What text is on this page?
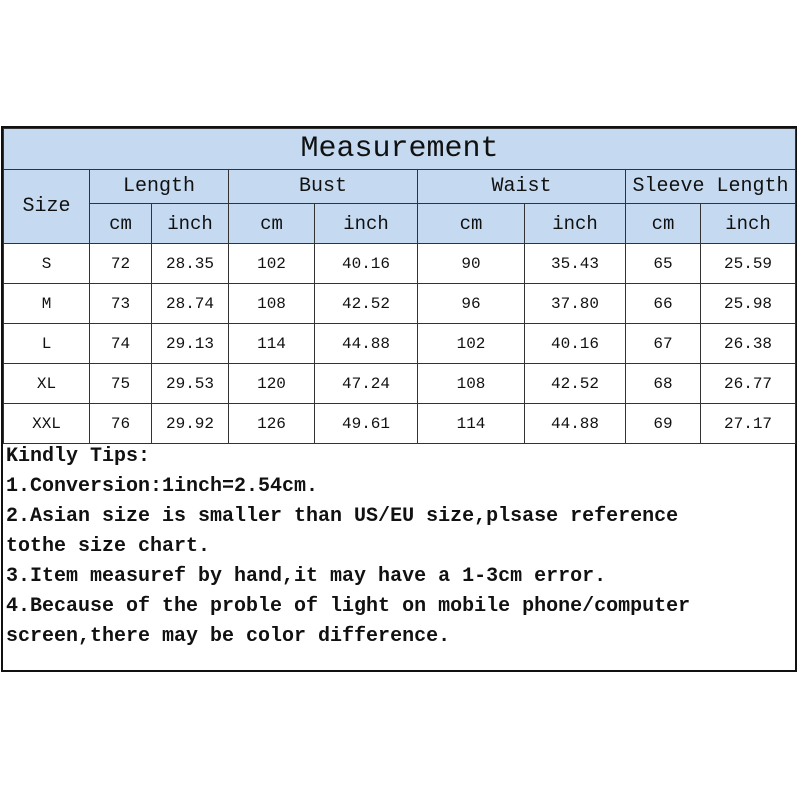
Measurement								
Size	Length		Bust		Waist		Sleeve Length	
	cm	inch	cm	inch	cm	inch	cm	inch
S	72	28.35	102	40.16	90	35.43	65	25.59
M	73	28.74	108	42.52	96	37.80	66	25.98
L	74	29.13	114	44.88	102	40.16	67	26.38
XL	75	29.53	120	47.24	108	42.52	68	26.77
XXL	76	29.92	126	49.61	114	44.88	69	27.17
Kindly Tips:
1.Conversion:1inch=2.54cm.
2.Asian size is smaller than US/EU size,plsase reference
tothe size chart.
3.Item measuref by hand,it may have a 1-3cm error.
4.Because of the proble of light on mobile phone/computer
screen,there may be color difference.
